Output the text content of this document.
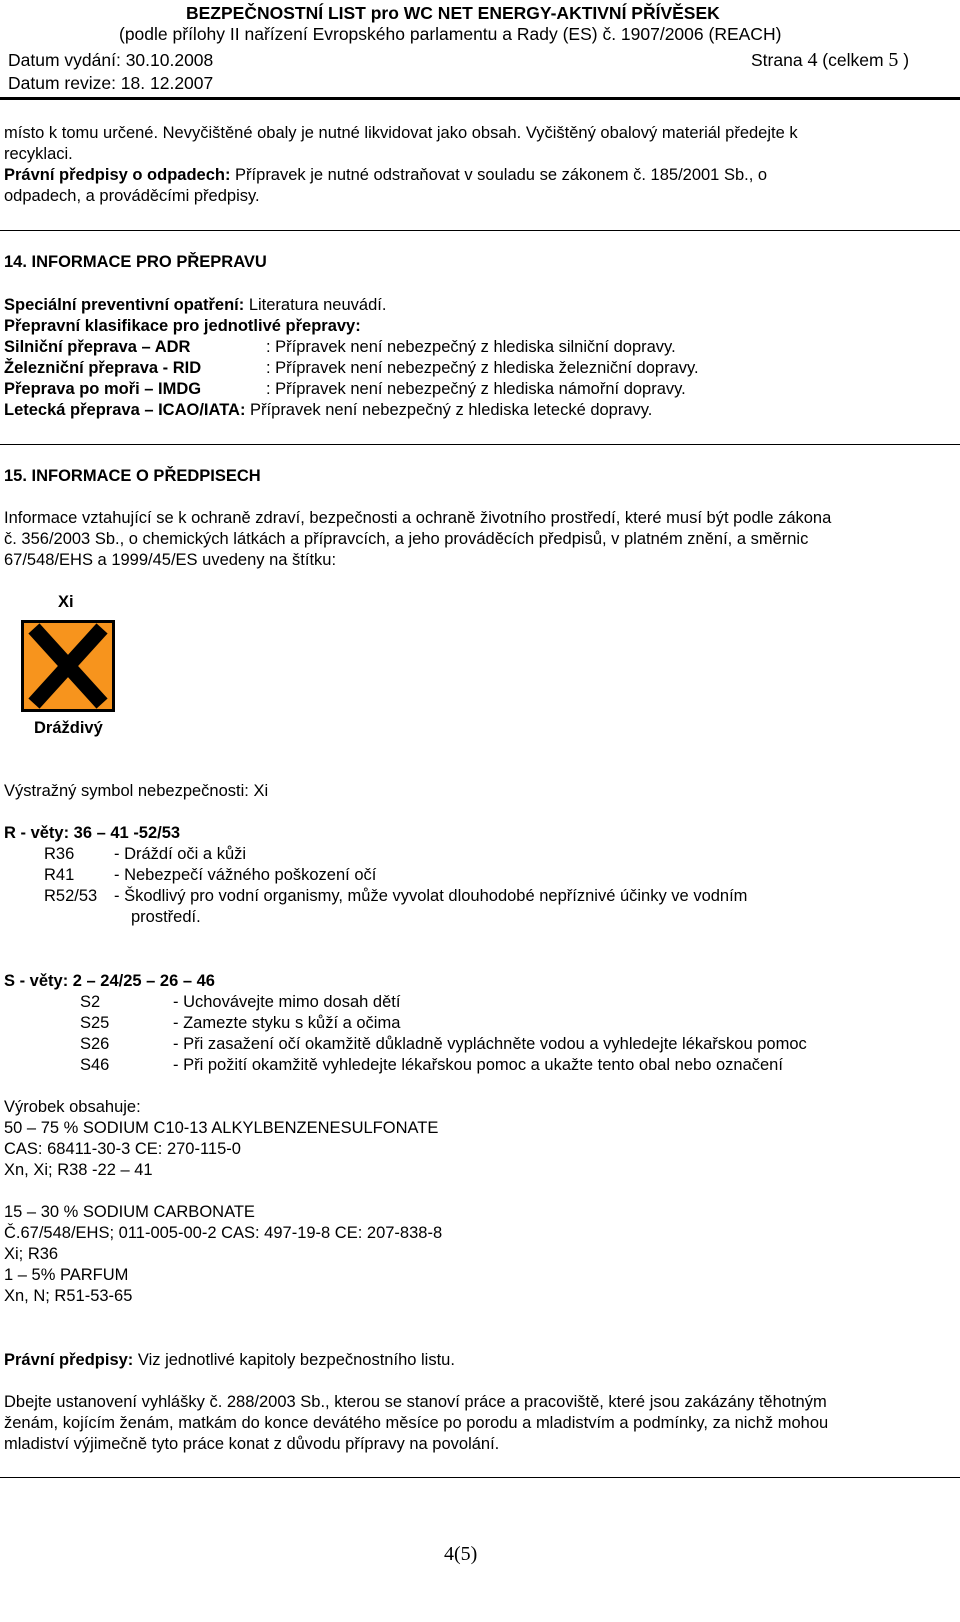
BEZPEČNOSTNÍ LIST pro WC NET ENERGY-AKTIVNÍ PŘÍVĚSEK
(podle přílohy II nařízení Evropského parlamentu a Rady (ES) č. 1907/2006 (REACH)
Datum vydání: 30.10.2008	Strana 4 (celkem 5 )
Datum revize: 18. 12.2007
místo k tomu určené. Nevyčištěné obaly je nutné likvidovat jako obsah. Vyčištěný obalový materiál předejte k
recyklaci.
Právní předpisy o odpadech: Přípravek je nutné odstraňovat v souladu se zákonem č. 185/2001 Sb., o
odpadech, a prováděcími předpisy.
14. INFORMACE PRO PŘEPRAVU
Speciální preventivní opatření: Literatura neuvádí.
Přepravní klasifikace pro jednotlivé přepravy:
Silniční přeprava – ADR	: Přípravek není nebezpečný z hlediska silniční dopravy.
Železniční přeprava - RID	: Přípravek není nebezpečný z hlediska železniční dopravy.
Přeprava po moři – IMDG	: Přípravek není nebezpečný z hlediska námořní dopravy.
Letecká přeprava – ICAO/IATA: Přípravek není nebezpečný z hlediska letecké dopravy.
15. INFORMACE O PŘEDPISECH
Informace vztahující se k ochraně zdraví, bezpečnosti a ochraně životního prostředí, které musí být podle zákona
č. 356/2003 Sb., o chemických látkách a přípravcích, a jeho prováděcích předpisů, v platném znění, a směrnic
67/548/EHS a 1999/45/ES uvedeny na štítku:
Xi
Dráždivý
Výstražný symbol nebezpečnosti: Xi
R - věty: 36 – 41 -52/53
R36 - Dráždí oči a kůži
R41 - Nebezpečí vážného poškození očí
R52/53 - Škodlivý pro vodní organismy, může vyvolat dlouhodobé nepříznivé účinky ve vodním
prostředí.
S - věty: 2 – 24/25 – 26 – 46
S2	- Uchovávejte mimo dosah dětí
S25	- Zamezte styku s kůží a očima
S26	- Při zasažení očí okamžitě důkladně vypláchněte vodou a vyhledejte lékařskou pomoc
S46	- Při požití okamžitě vyhledejte lékařskou pomoc a ukažte tento obal nebo označení
Výrobek obsahuje:
50 – 75 % SODIUM C10-13 ALKYLBENZENESULFONATE
CAS: 68411-30-3 CE: 270-115-0
Xn, Xi; R38 -22 – 41
15 – 30 % SODIUM CARBONATE
Č.67/548/EHS; 011-005-00-2 CAS: 497-19-8 CE: 207-838-8
Xi; R36
1 – 5% PARFUM
Xn, N; R51-53-65
Právní předpisy: Viz jednotlivé kapitoly bezpečnostního listu.
Dbejte ustanovení vyhlášky č. 288/2003 Sb., kterou se stanoví práce a pracoviště, které jsou zakázány těhotným
ženám, kojícím ženám, matkám do konce devátého měsíce po porodu a mladistvím a podmínky, za nichž mohou
mladiství výjimečně tyto práce konat z důvodu přípravy na povolání.
4(5)
